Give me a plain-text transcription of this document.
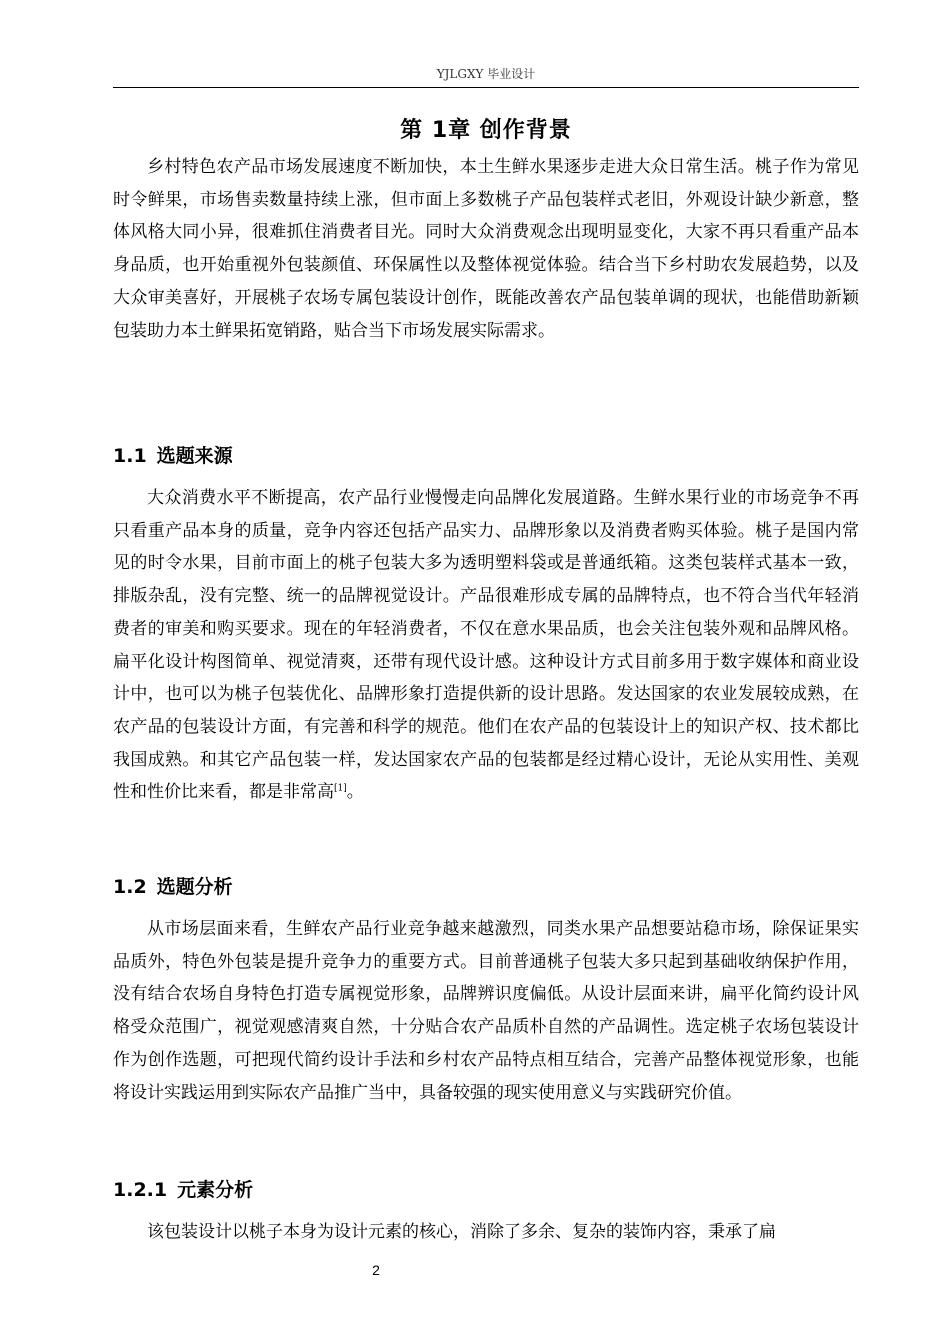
YJLGXY 毕业设计
第 1章 创作背景

乡村特色农产品市场发展速度不断加快，本土生鲜水果逐步走进大众日常生活。桃子作为常见时令鲜果，市场售卖数量持续上涨，但市面上多数桃子产品包装样式老旧，外观设计缺少新意，整体风格大同小异，很难抓住消费者目光。同时大众消费观念出现明显变化，大家不再只看重产品本身品质，也开始重视外包装颜值、环保属性以及整体视觉体验。结合当下乡村助农发展趋势，以及大众审美喜好，开展桃子农场专属包装设计创作，既能改善农产品包装单调的现状，也能借助新颖包装助力本土鲜果拓宽销路，贴合当下市场发展实际需求。

1.1 选题来源

大众消费水平不断提高，农产品行业慢慢走向品牌化发展道路。生鲜水果行业的市场竞争不再只看重产品本身的质量，竞争内容还包括产品实力、品牌形象以及消费者购买体验。桃子是国内常见的时令水果，目前市面上的桃子包装大多为透明塑料袋或是普通纸箱。这类包装样式基本一致，排版杂乱，没有完整、统一的品牌视觉设计。产品很难形成专属的品牌特点，也不符合当代年轻消费者的审美和购买要求。现在的年轻消费者，不仅在意水果品质，也会关注包装外观和品牌风格。扁平化设计构图简单、视觉清爽，还带有现代设计感。这种设计方式目前多用于数字媒体和商业设计中，也可以为桃子包装优化、品牌形象打造提供新的设计思路。发达国家的农业发展较成熟，在农产品的包装设计方面，有完善和科学的规范。他们在农产品的包装设计上的知识产权、技术都比我国成熟。和其它产品包装一样，发达国家农产品的包装都是经过精心设计，无论从实用性、美观性和性价比来看，都是非常高[1]。

1.2 选题分析

从市场层面来看，生鲜农产品行业竞争越来越激烈，同类水果产品想要站稳市场，除保证果实品质外，特色外包装是提升竞争力的重要方式。目前普通桃子包装大多只起到基础收纳保护作用，没有结合农场自身特色打造专属视觉形象，品牌辨识度偏低。从设计层面来讲，扁平化简约设计风格受众范围广，视觉观感清爽自然，十分贴合农产品质朴自然的产品调性。选定桃子农场包装设计作为创作选题，可把现代简约设计手法和乡村农产品特点相互结合，完善产品整体视觉形象，也能将设计实践运用到实际农产品推广当中，具备较强的现实使用意义与实践研究价值。

1.2.1 元素分析

该包装设计以桃子本身为设计元素的核心，消除了多余、复杂的装饰内容，秉承了扁

2
